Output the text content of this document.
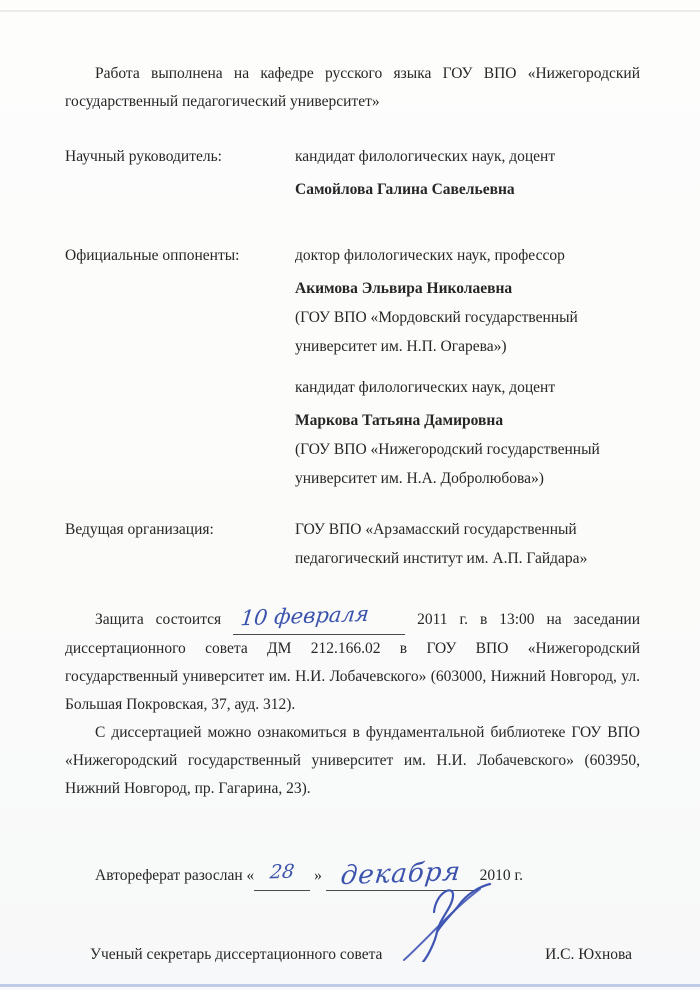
Работа выполнена на кафедре русского языка ГОУ ВПО «Нижегородский государственный педагогический университет»

Научный руководитель:	кандидат филологических наук, доцент
Самойлова Галина Савельевна
Официальные оппоненты:	доктор филологических наук, профессор
Акимова Эльвира Николаевна
(ГОУ ВПО «Мордовский государственный университет им. Н.П. Огарева»)
кандидат филологических наук, доцент
Маркова Татьяна Дамировна
(ГОУ ВПО «Нижегородский государственный университет им. Н.А. Добролюбова»)
Ведущая организация:	ГОУ ВПО «Арзамасский государственный педагогический институт им. А.П. Гайдара»

Защита состоится 10 февраля	2011 г. в 13:00 на заседании диссертационного совета ДМ 212.166.02 в ГОУ ВПО «Нижегородский государственный университет им. Н.И. Лобачевского» (603000, Нижний Новгород, ул. Большая Покровская, 37, ауд. 312).

С диссертацией можно ознакомиться в фундаментальной библиотеке ГОУ ВПО «Нижегородский государственный университет им. Н.И. Лобачевского» (603950, Нижний Новгород, пр. Гагарина, 23).

Автореферат разослан « 28 » декабря 2010 г.

Ученый секретарь диссертационного совета	И.С. Юхнова
